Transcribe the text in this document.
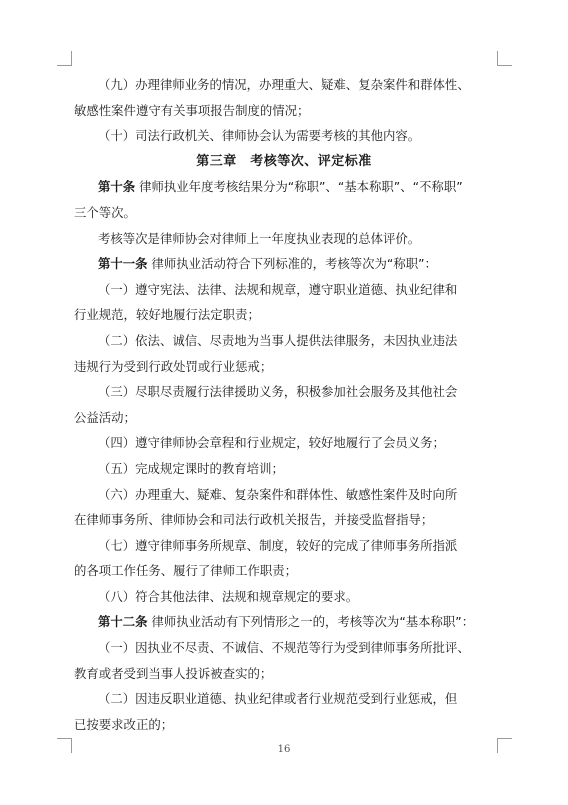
（九）办理律师业务的情况，办理重大、疑难、复杂案件和群体性、
敏感性案件遵守有关事项报告制度的情况；
（十）司法行政机关、律师协会认为需要考核的其他内容。
第三章　考核等次、评定标准
第十条 律师执业年度考核结果分为“称职”、“基本称职”、“不称职”
三个等次。
考核等次是律师协会对律师上一年度执业表现的总体评价。
第十一条 律师执业活动符合下列标准的，考核等次为“称职”：
（一）遵守宪法、法律、法规和规章，遵守职业道德、执业纪律和
行业规范，较好地履行法定职责；
（二）依法、诚信、尽责地为当事人提供法律服务，未因执业违法
违规行为受到行政处罚或行业惩戒；
（三）尽职尽责履行法律援助义务，积极参加社会服务及其他社会
公益活动；
（四）遵守律师协会章程和行业规定，较好地履行了会员义务；
（五）完成规定课时的教育培训；
（六）办理重大、疑难、复杂案件和群体性、敏感性案件及时向所
在律师事务所、律师协会和司法行政机关报告，并接受监督指导；
（七）遵守律师事务所规章、制度，较好的完成了律师事务所指派
的各项工作任务、履行了律师工作职责；
（八）符合其他法律、法规和规章规定的要求。
第十二条 律师执业活动有下列情形之一的，考核等次为“基本称职”：
（一）因执业不尽责、不诚信、不规范等行为受到律师事务所批评、
教育或者受到当事人投诉被查实的；
（二）因违反职业道德、执业纪律或者行业规范受到行业惩戒，但
已按要求改正的；
16
